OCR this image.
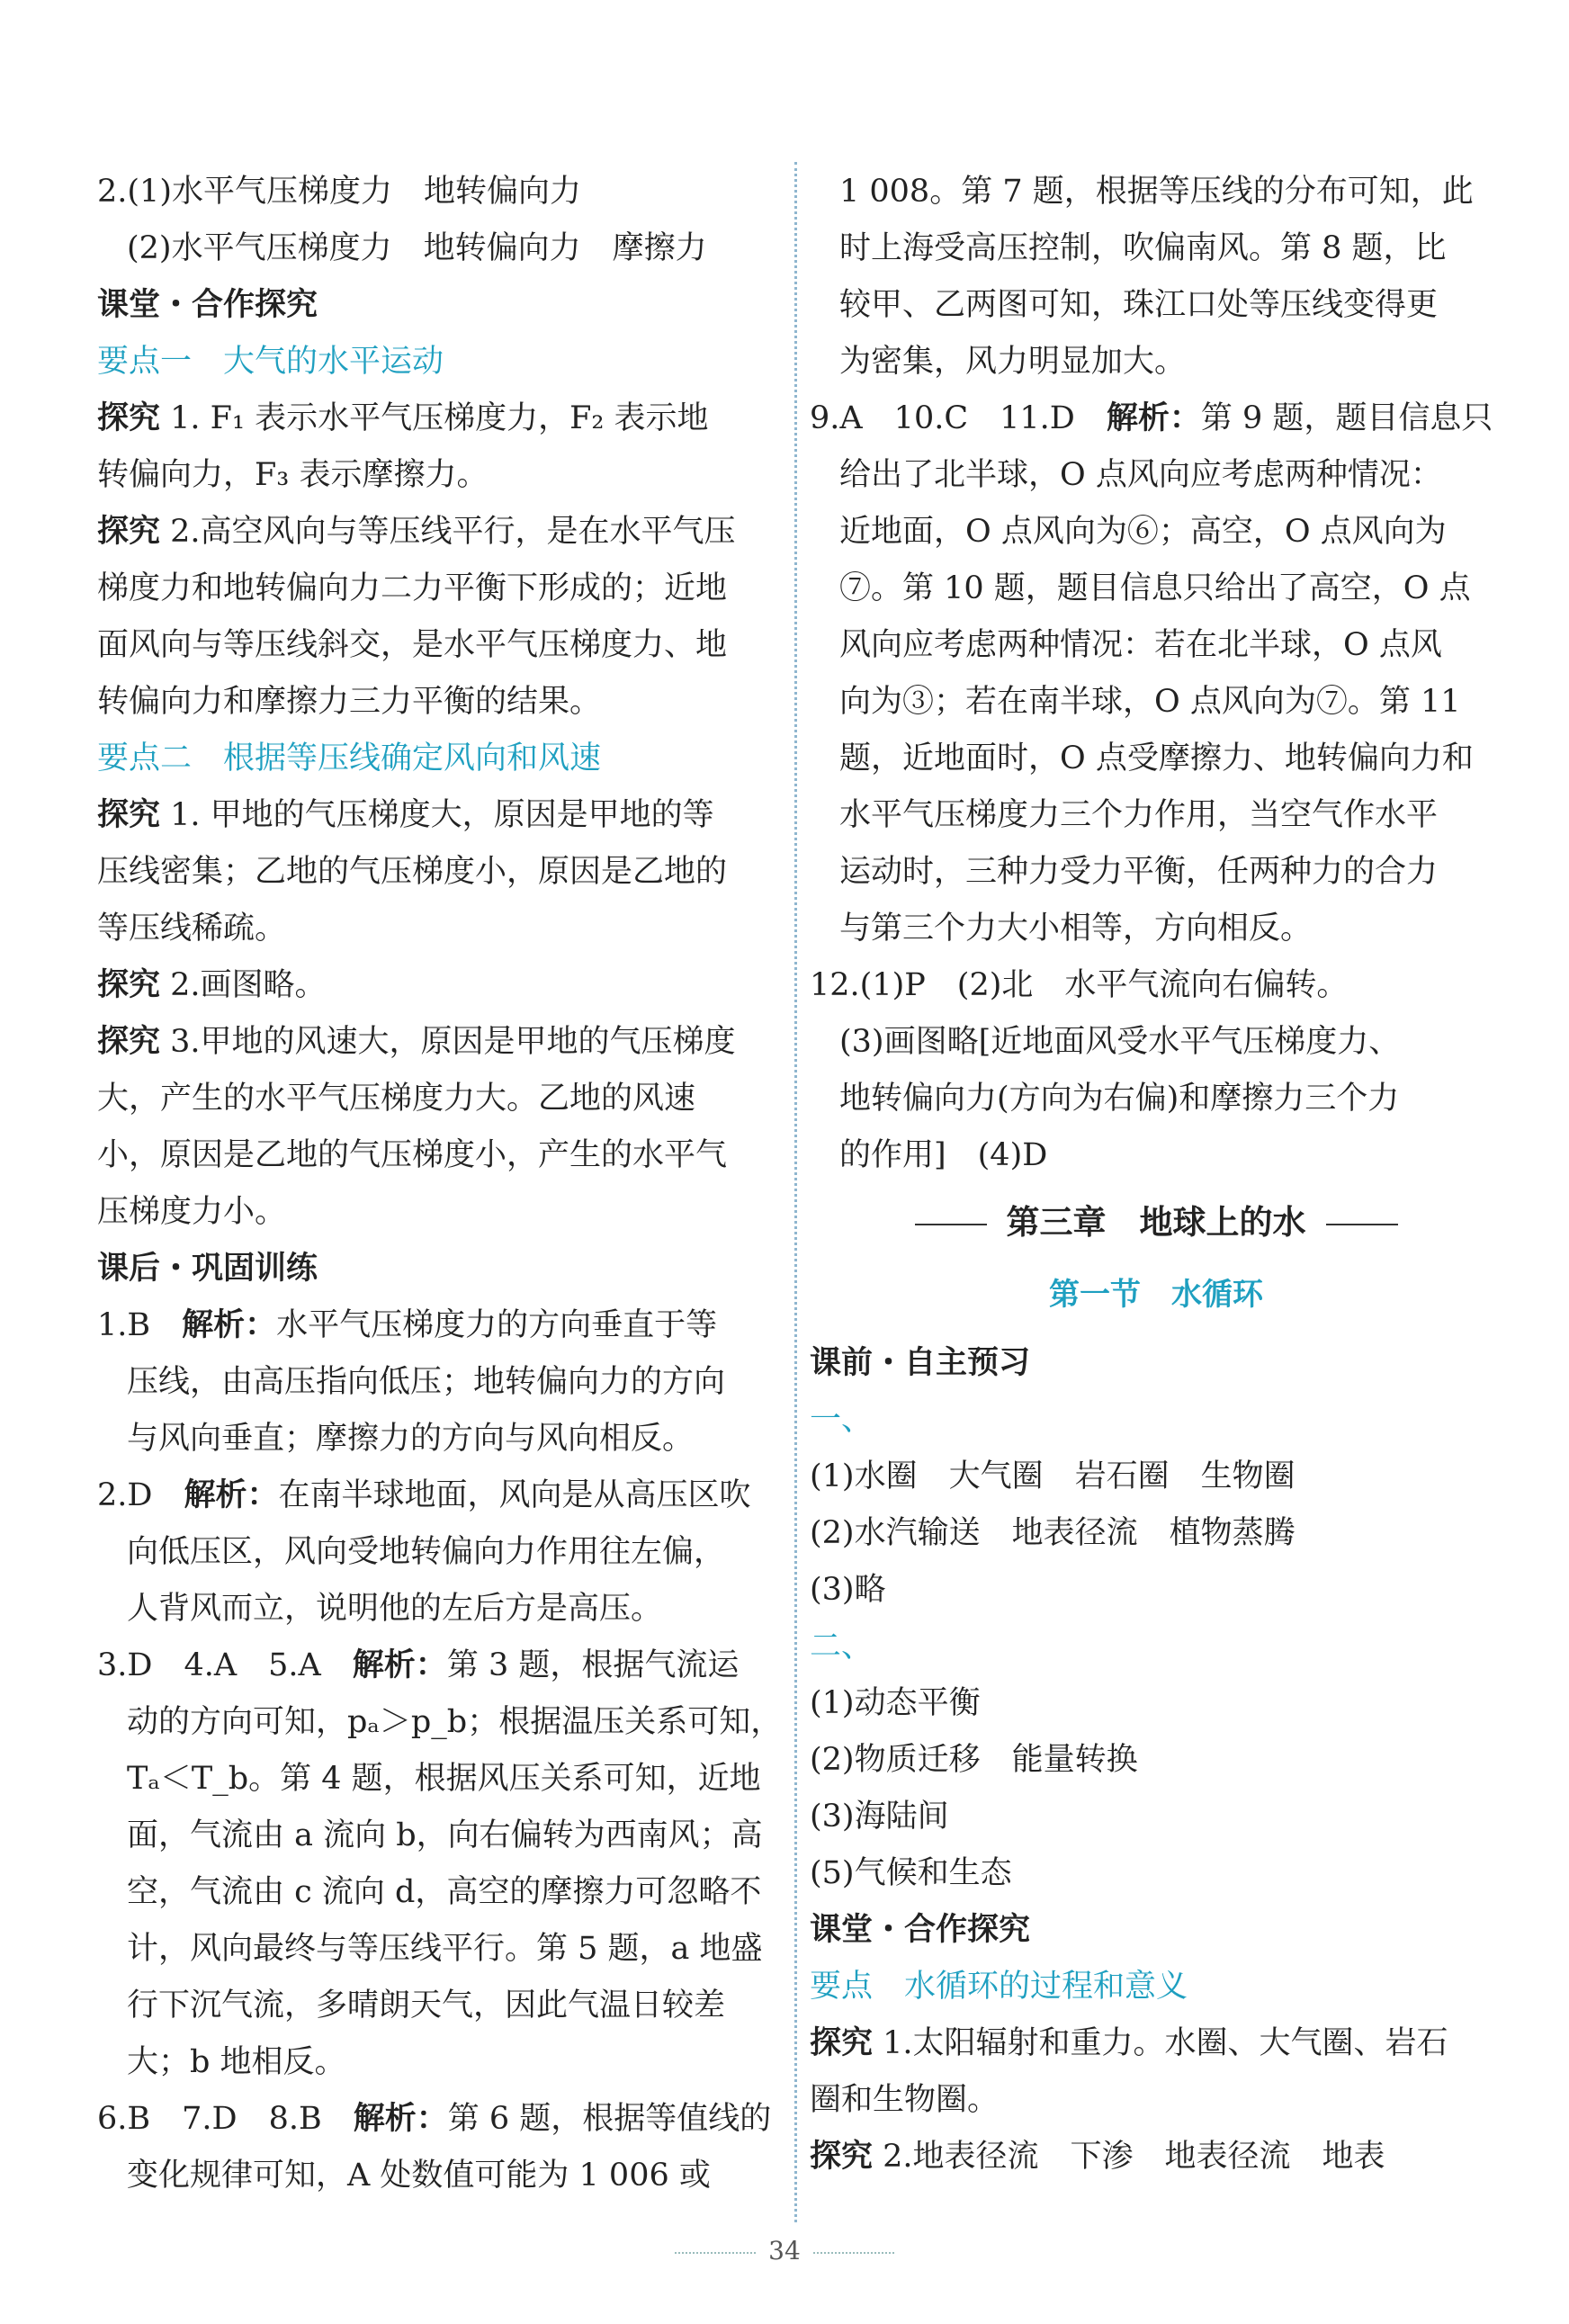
2.(1)水平气压梯度力　地转偏向力
(2)水平气压梯度力　地转偏向力　摩擦力
课堂・合作探究
要点一　大气的水平运动
探究 1. F₁ 表示水平气压梯度力，F₂ 表示地
转偏向力，F₃ 表示摩擦力。
探究 2.高空风向与等压线平行，是在水平气压
梯度力和地转偏向力二力平衡下形成的；近地
面风向与等压线斜交，是水平气压梯度力、地
转偏向力和摩擦力三力平衡的结果。
要点二　根据等压线确定风向和风速
探究 1. 甲地的气压梯度大，原因是甲地的等
压线密集；乙地的气压梯度小，原因是乙地的
等压线稀疏。
探究 2.画图略。
探究 3.甲地的风速大，原因是甲地的气压梯度
大，产生的水平气压梯度力大。乙地的风速
小，原因是乙地的气压梯度小，产生的水平气
压梯度力小。
课后・巩固训练
1.B　解析：水平气压梯度力的方向垂直于等
压线，由高压指向低压；地转偏向力的方向
与风向垂直；摩擦力的方向与风向相反。
2.D　解析：在南半球地面，风向是从高压区吹
向低压区，风向受地转偏向力作用往左偏，
人背风而立，说明他的左后方是高压。
3.D　4.A　5.A　解析：第 3 题，根据气流运
动的方向可知，pₐ＞p_b；根据温压关系可知，
Tₐ＜T_b。第 4 题，根据风压关系可知，近地
面，气流由 a 流向 b，向右偏转为西南风；高
空，气流由 c 流向 d，高空的摩擦力可忽略不
计，风向最终与等压线平行。第 5 题，a 地盛
行下沉气流，多晴朗天气，因此气温日较差
大；b 地相反。
6.B　7.D　8.B　解析：第 6 题，根据等值线的
变化规律可知，A 处数值可能为 1 006 或
1 008。第 7 题，根据等压线的分布可知，此
时上海受高压控制，吹偏南风。第 8 题，比
较甲、乙两图可知，珠江口处等压线变得更
为密集，风力明显加大。
9.A　10.C　11.D　解析：第 9 题，题目信息只
给出了北半球，O 点风向应考虑两种情况：
近地面，O 点风向为⑥；高空，O 点风向为
⑦。第 10 题，题目信息只给出了高空，O 点
风向应考虑两种情况：若在北半球，O 点风
向为③；若在南半球，O 点风向为⑦。第 11
题，近地面时，O 点受摩擦力、地转偏向力和
水平气压梯度力三个力作用，当空气作水平
运动时，三种力受力平衡，任两种力的合力
与第三个力大小相等，方向相反。
12.(1)P　(2)北　水平气流向右偏转。
(3)画图略[近地面风受水平气压梯度力、
地转偏向力(方向为右偏)和摩擦力三个力
的作用]　(4)D
第三章　地球上的水
第一节　水循环
课前・自主预习
一、
(1)水圈　大气圈　岩石圈　生物圈
(2)水汽输送　地表径流　植物蒸腾
(3)略
二、
(1)动态平衡
(2)物质迁移　能量转换
(3)海陆间
(5)气候和生态
课堂・合作探究
要点　水循环的过程和意义
探究 1.太阳辐射和重力。水圈、大气圈、岩石
圈和生物圈。
探究 2.地表径流　下渗　地表径流　地表
34
